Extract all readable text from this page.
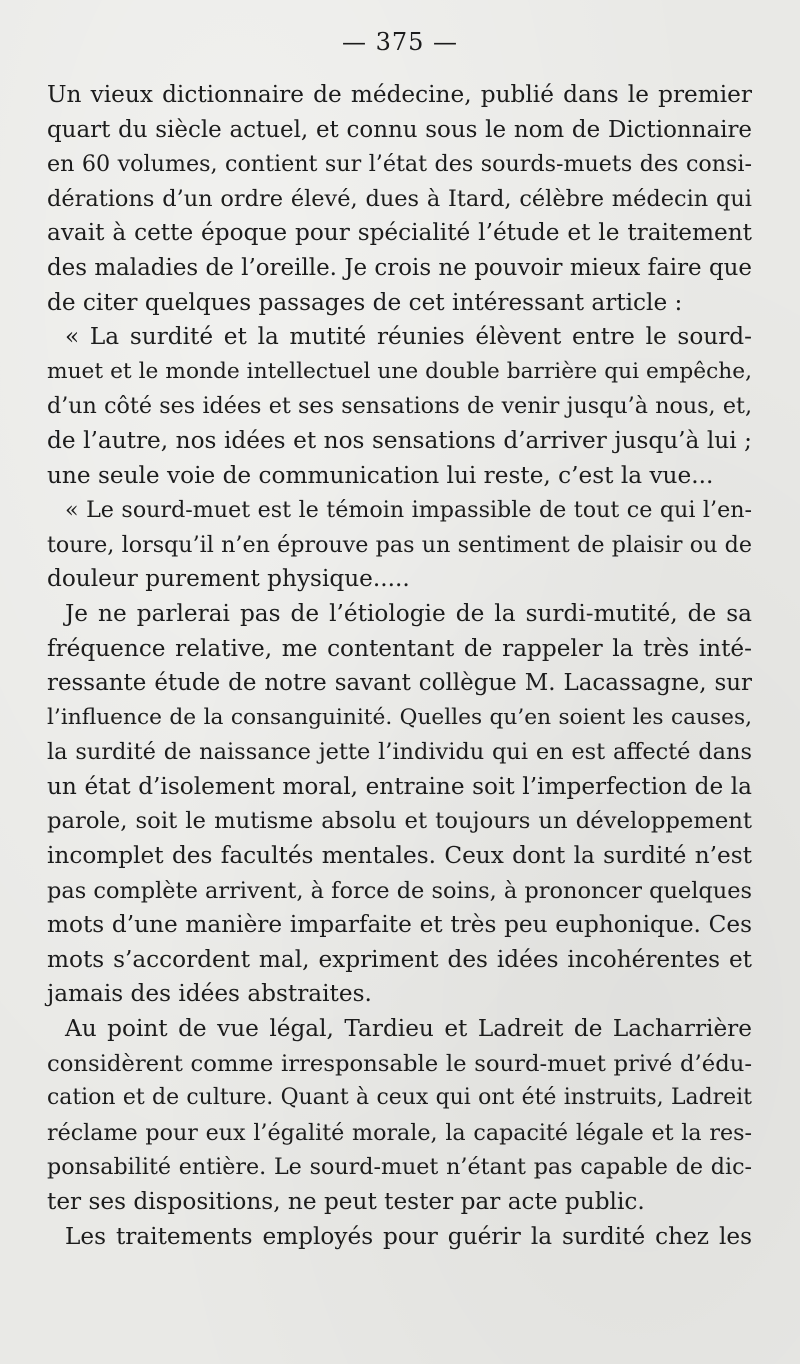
— 375 —
Un vieux dictionnaire de médecine, publié dans le premier
quart du siècle actuel, et connu sous le nom de Dictionnaire
en 60 volumes, contient sur l’état des sourds-muets des consi-
dérations d’un ordre élevé, dues à Itard, célèbre médecin qui
avait à cette époque pour spécialité l’étude et le traitement
des maladies de l’oreille. Je crois ne pouvoir mieux faire que
de citer quelques passages de cet intéressant article :
« La surdité et la mutité réunies élèvent entre le sourd-
muet et le monde intellectuel une double barrière qui empêche,
d’un côté ses idées et ses sensations de venir jusqu’à nous, et,
de l’autre, nos idées et nos sensations d’arriver jusqu’à lui ;
une seule voie de communication lui reste, c’est la vue...
« Le sourd-muet est le témoin impassible de tout ce qui l’en-
toure, lorsqu’il n’en éprouve pas un sentiment de plaisir ou de
douleur purement physique.....
Je ne parlerai pas de l’étiologie de la surdi-mutité, de sa
fréquence relative, me contentant de rappeler la très inté-
ressante étude de notre savant collègue M. Lacassagne, sur
l’influence de la consanguinité. Quelles qu’en soient les causes,
la surdité de naissance jette l’individu qui en est affecté dans
un état d’isolement moral, entraine soit l’imperfection de la
parole, soit le mutisme absolu et toujours un développement
incomplet des facultés mentales. Ceux dont la surdité n’est
pas complète arrivent, à force de soins, à prononcer quelques
mots d’une manière imparfaite et très peu euphonique. Ces
mots s’accordent mal, expriment des idées incohérentes et
jamais des idées abstraites.
Au point de vue légal, Tardieu et Ladreit de Lacharrière
considèrent comme irresponsable le sourd-muet privé d’édu-
cation et de culture. Quant à ceux qui ont été instruits, Ladreit
réclame pour eux l’égalité morale, la capacité légale et la res-
ponsabilité entière. Le sourd-muet n’étant pas capable de dic-
ter ses dispositions, ne peut tester par acte public.
Les traitements employés pour guérir la surdité chez les
